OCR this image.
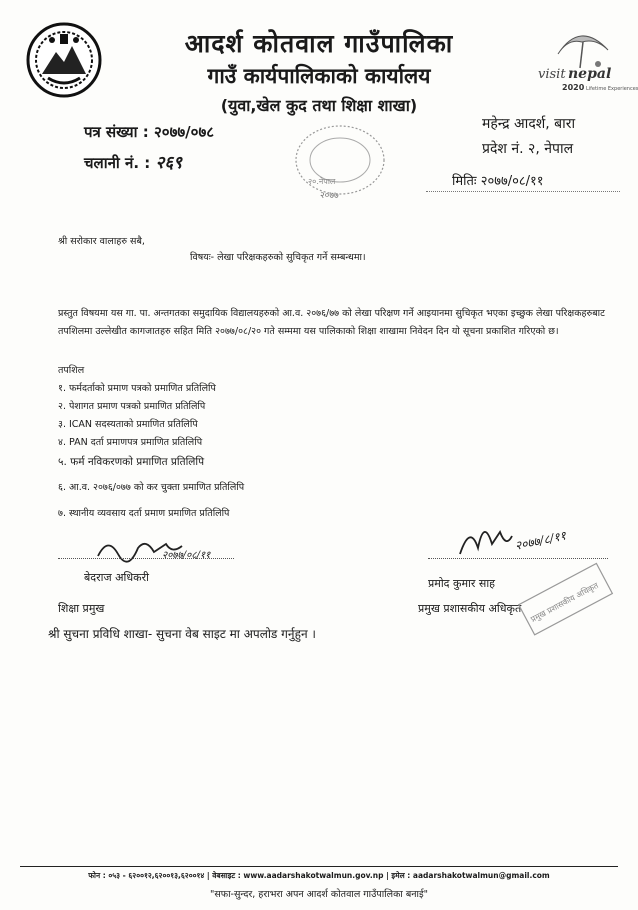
visit nepal
2020 Lifetime Experiences
आदर्श कोतवाल गाउँपालिका
गाउँ कार्यपालिकाको कार्यालय
(युवा,खेल कुद तथा शिक्षा शाखा)
पत्र संख्या : २०७७/०७८
चलानी नं. : २६९
महेन्द्र आदर्श, बारा
प्रदेश नं. २, नेपाल
२०.नेपाल
२०७७
मितिः २०७७/०८/११
श्री सरोकार वालाहरु सबै,
विषयः- लेखा परिक्षकहरुको सुचिकृत गर्ने सम्बन्धमा।
प्रस्तुत विषयमा यस गा. पा. अन्तगतका समुदायिक विद्यालयहरुको आ.व. २०७६/७७ को लेखा परिक्षण गर्ने आइयानमा सुचिकृत भएका इच्छुक लेखा परिक्षकहरुबाट तपशिलमा उल्लेखीत कागजातहरु सहित मिति २०७७/०८/२० गते सम्ममा यस पालिकाको शिक्षा शाखामा निवेदन दिन यो सूचना प्रकाशित गरिएको छ।
तपशिल
१. फर्मदर्ताको प्रमाण पत्रको प्रमाणित प्रतिलिपि
२. पेशागत प्रमाण पत्रको प्रमाणित प्रतिलिपि
३. ICAN सदस्यताको प्रमाणित प्रतिलिपि
४. PAN दर्ता प्रमाणपत्र प्रमाणित प्रतिलिपि
५. फर्म नविकरणको प्रमाणित प्रतिलिपि
६. आ.व. २०७६/०७७ को कर चुक्ता प्रमाणित प्रतिलिपि
७. स्थानीय व्यवसाय दर्ता प्रमाण प्रमाणित प्रतिलिपि
२०७७/०८/११
बेदराज अधिकरी
शिक्षा प्रमुख
२०७७/८/११
प्रमोद कुमार साह
प्रमुख प्रशासकीय अधिकृत प्रमुख प्रशासकीय अधिकृत
श्री सुचना प्रविधि शाखा- सुचना वेब साइट मा अपलोड गर्नुहुन ।
फोन : ०५३ - ६२००१२,६२००१३,६२००१४ | वेबसाइट : www.aadarshakotwalmun.gov.np | इमेल : aadarshakotwalmun@gmail.com
"सफा-सुन्दर, हराभरा अपन आदर्श कोतवाल गाउँपालिका बनाई"
